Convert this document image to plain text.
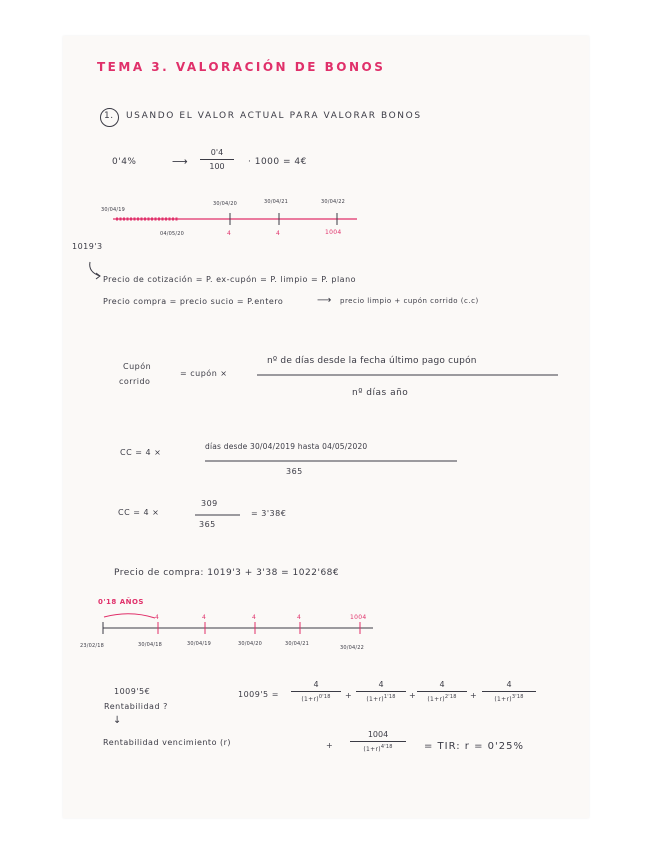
TEMA 3. VALORACIÓN DE BONOS
1. USANDO EL VALOR ACTUAL PARA VALORAR BONOS
0'4%	⟶
0'4
100	· 1000 = 4€
30/04/19
30/04/20	30/04/21	30/04/22
04/05/20	4	4	1004
1019'3
Precio de cotización = P. ex-cupón = P. limpio = P. plano
Precio compra = precio sucio = P.entero	⟶ precio limpio + cupón corrido (c.c)
Cupón
corrido
= cupón ×
nº de días desde la fecha último pago cupón
nº días año
CC = 4 ×
días desde 30/04/2019 hasta 04/05/2020
365
CC = 4 ×
309
365
= 3'38€
Precio de compra: 1019'3 + 3'38 = 1022'68€
0'18 AÑOS
4	4	4	4	1004
23/02/18	30/04/18	30/04/19	30/04/20	30/04/21
30/04/22
1009'5€
Rentabilidad ?
↓
Rentabilidad vencimiento (r)
1009'5 =
4
$(1+r)^{0'18}$	+
4
$(1+r)^{1'18}$	+
4
$(1+r)^{2'18}$	+
4
$(1+r)^{3'18}$
+
1004
$(1+r)^{4'18}$	= TIR: r = 0'25%
